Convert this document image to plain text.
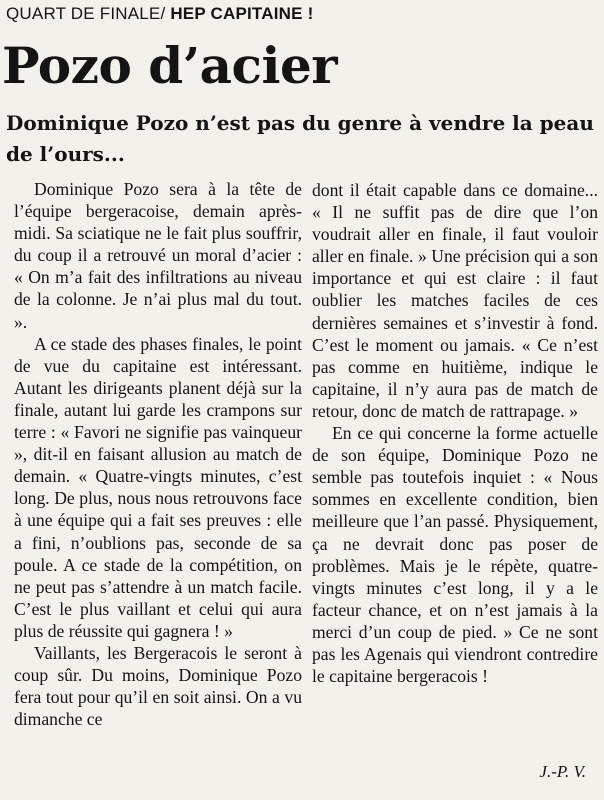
QUART DE FINALE/ HEP CAPITAINE !
Pozo d’acier
Dominique Pozo n’est pas du genre à vendre la peau de l’ours...

Dominique Pozo sera à la tête de l’équipe bergeracoise, demain après-midi. Sa sciatique ne le fait plus souffrir, du coup il a retrouvé un moral d’acier : « On m’a fait des infiltrations au niveau de la colonne. Je n’ai plus mal du tout. ».

A ce stade des phases finales, le point de vue du capitaine est intéressant. Autant les dirigeants planent déjà sur la finale, autant lui garde les crampons sur terre : « Favori ne signifie pas vainqueur », dit-il en faisant allusion au match de demain. « Quatre-vingts minutes, c’est long. De plus, nous nous retrouvons face à une équipe qui a fait ses preuves : elle a fini, n’oublions pas, seconde de sa poule. A ce stade de la compétition, on ne peut pas s’attendre à un match facile. C’est le plus vaillant et celui qui aura plus de réussite qui gagnera ! »

Vaillants, les Bergeracois le seront à coup sûr. Du moins, Dominique Pozo fera tout pour qu’il en soit ainsi. On a vu dimanche ce

dont il était capable dans ce domaine... « Il ne suffit pas de dire que l’on voudrait aller en finale, il faut vouloir aller en finale. » Une précision qui a son importance et qui est claire : il faut oublier les matches faciles de ces dernières semaines et s’investir à fond. C’est le moment ou jamais. « Ce n’est pas comme en huitième, indique le capitaine, il n’y aura pas de match de retour, donc de match de rattrapage. »

En ce qui concerne la forme actuelle de son équipe, Dominique Pozo ne semble pas toutefois inquiet : « Nous sommes en excellente condition, bien meilleure que l’an passé. Physiquement, ça ne devrait donc pas poser de problèmes. Mais je le répète, quatre-vingts minutes c’est long, il y a le facteur chance, et on n’est jamais à la merci d’un coup de pied. » Ce ne sont pas les Agenais qui viendront contredire le capitaine bergeracois !

J.-P. V.
